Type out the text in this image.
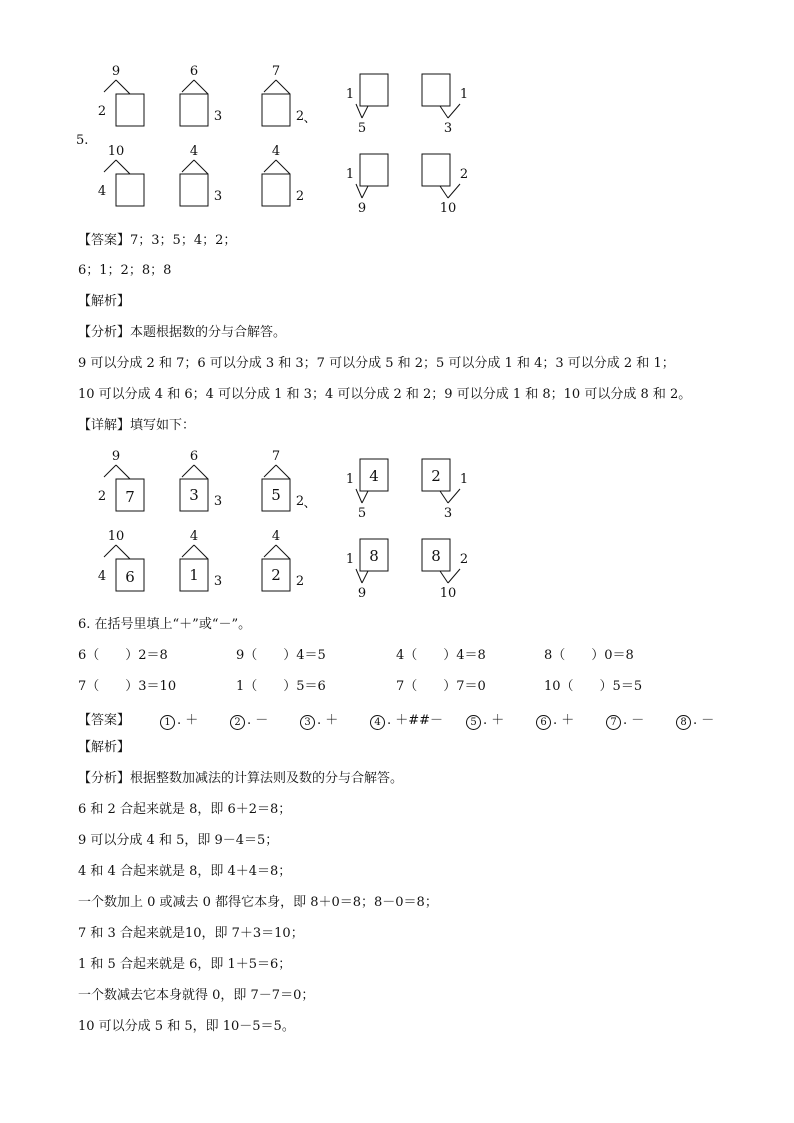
9
2
6
3
7
2 、
1
5
1
3
10
4
4
3
4
2
1
9
2
10
5.
【答案】7；3；5；4；2；
6；1；2；8；8
【解析】
【分析】本题根据数的分与合解答。
9 可以分成 2 和 7；6 可以分成 3 和 3；7 可以分成 5 和 2；5 可以分成 1 和 4；3 可以分成 2 和 1；
10 可以分成 4 和 6；4 可以分成 1 和 3；4 可以分成 2 和 2；9 可以分成 1 和 8；10 可以分成 8 和 2。
【详解】填写如下：
9
2 7
6
3
3
7
2
5 、
1
5
4	1
3
2
10
4 6
4
3
1
4
2
2
1
9
8	2
10
8
6. 在括号里填上“＋”或“－”。
6（　　）2＝8	9（　　）4＝5	4（　　）4＝8	8（　　）0＝8
7（　　）3＝10	1（　　）5＝6	7（　　）7＝0	10（　　）5＝5
【答案】	1 . ＋	2 . －	3 . ＋	4 . ＋##－	5 . ＋	6 . ＋	7 . －	8 . －
【解析】
【分析】根据整数加减法的计算法则及数的分与合解答。
6 和 2 合起来就是 8，即 6＋2＝8；
9 可以分成 4 和 5，即 9－4＝5；
4 和 4 合起来就是 8，即 4＋4＝8；
一个数加上 0 或减去 0 都得它本身，即 8＋0＝8；8－0＝8；
7 和 3 合起来就是10，即 7＋3＝10；
1 和 5 合起来就是 6，即 1＋5＝6；
一个数减去它本身就得 0，即 7－7＝0；
10 可以分成 5 和 5，即 10－5＝5。
